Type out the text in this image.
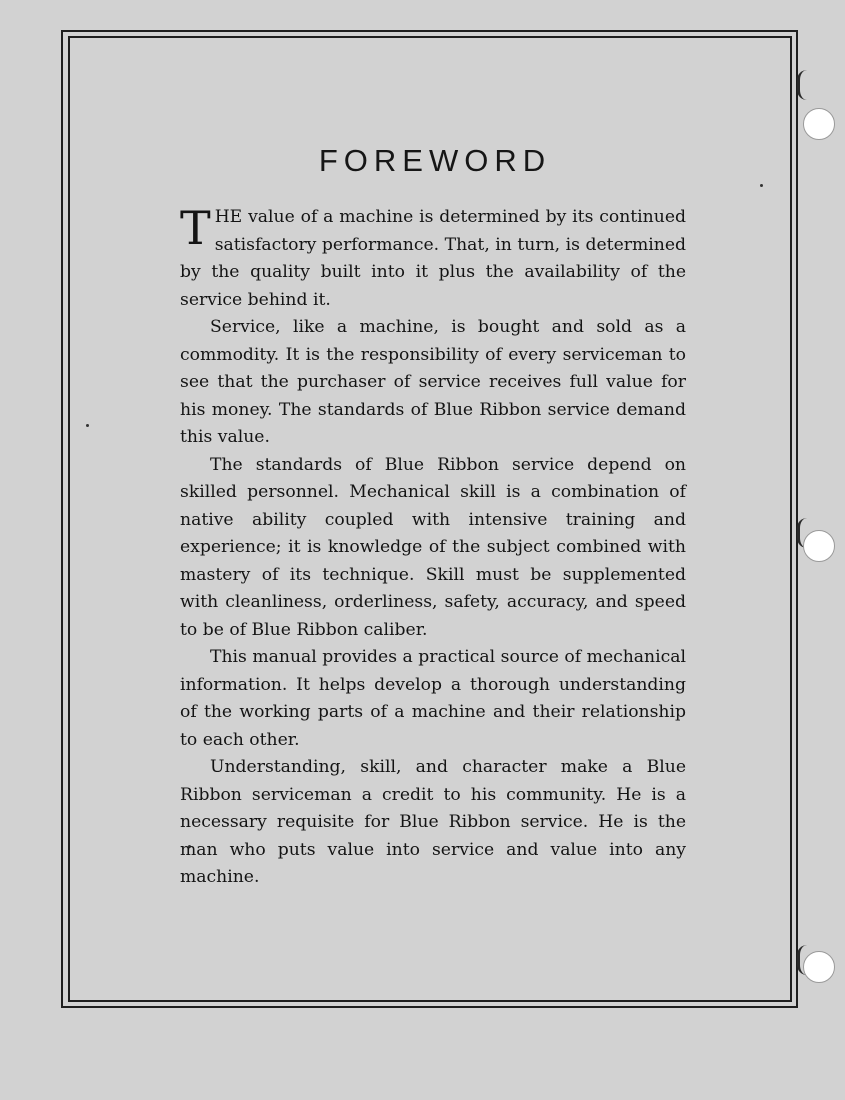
FOREWORD

THE value of a machine is determined by its continued satisfactory performance. That, in turn, is determined by the quality built into it plus the availability of the service behind it.

Service, like a machine, is bought and sold as a commodity. It is the responsibility of every serviceman to see that the purchaser of service receives full value for his money. The standards of Blue Ribbon service demand this value.

The standards of Blue Ribbon service depend on skilled personnel. Mechanical skill is a combination of native ability coupled with intensive training and experience; it is knowledge of the subject combined with mastery of its technique. Skill must be supplemented with cleanliness, orderliness, safety, accuracy, and speed to be of Blue Ribbon caliber.

This manual provides a practical source of mechanical information. It helps develop a thorough understanding of the working parts of a machine and their relationship to each other.

Understanding, skill, and character make a Blue Ribbon serviceman a credit to his community. He is a necessary requisite for Blue Ribbon service. He is the man who puts value into service and value into any machine.
